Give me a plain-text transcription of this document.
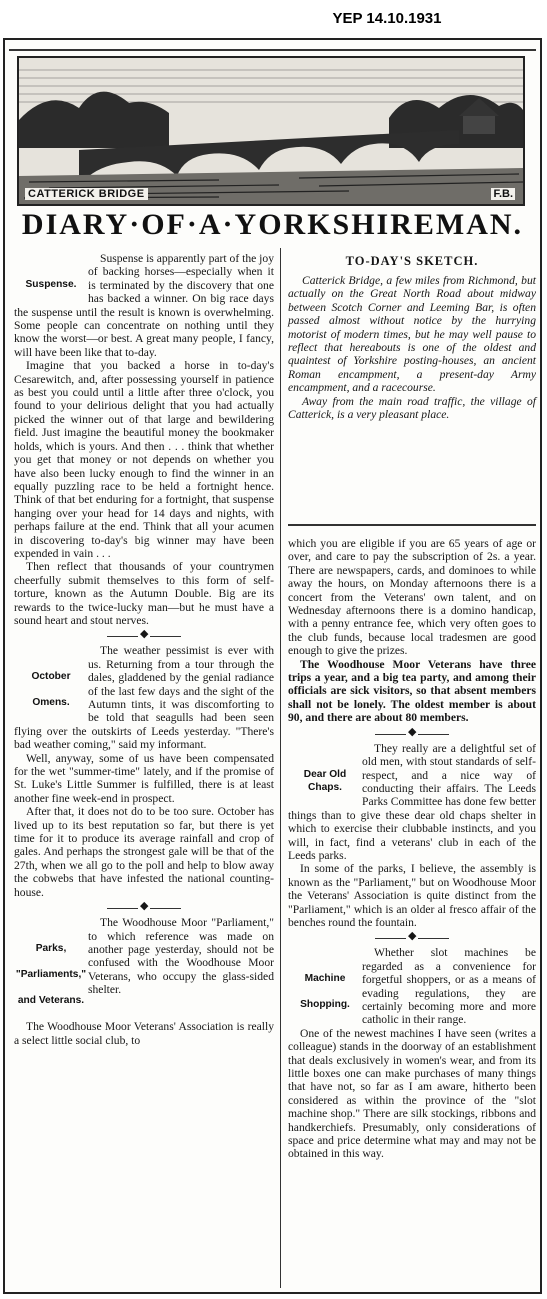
YEP 14.10.1931
CATTERICK BRIDGE	F.B.
DIARY·OF·A·YORKSHIREMAN.
Suspense.

Suspense is apparently part of the joy of backing horses—especially when it is terminated by the discovery that one has backed a winner. On big race days the suspense until the result is known is overwhelming. Some people can concentrate on nothing until they know the worst—or best. A great many people, I fancy, will have been like that to-day.

Imagine that you backed a horse in to-day's Cesarewitch, and, after possessing yourself in patience as best you could until a little after three o'clock, you found to your delirious delight that you had actually picked the winner out of that large and bewildering field. Just imagine the beautiful money the bookmaker holds, which is yours. And then . . . think that whether you get that money or not depends on whether you have also been lucky enough to find the winner in an equally puzzling race to be held a fortnight hence. Think of that bet enduring for a fortnight, that suspense hanging over your head for 14 days and nights, with perhaps failure at the end. Think that all your acumen in discovering to-day's big winner may have been expended in vain . . .

Then reflect that thousands of your countrymen cheerfully submit themselves to this form of self-torture, known as the Autumn Double. Big are its rewards to the twice-lucky man—but he must have a sound heart and stout nerves.

◆
October
Omens.

The weather pessimist is ever with us. Returning from a tour through the dales, gladdened by the genial radiance of the last few days and the sight of the Autumn tints, it was discomforting to be told that seagulls had been seen flying over the outskirts of Leeds yesterday. "There's bad weather coming," said my informant.

Well, anyway, some of us have been compensated for the wet "summer-time" lately, and if the promise of St. Luke's Little Summer is fulfilled, there is at least another fine week-end in prospect.

After that, it does not do to be too sure. October has lived up to its best reputation so far, but there is yet time for it to produce its average rainfall and crop of gales. And perhaps the strongest gale will be that of the 27th, when we all go to the poll and help to blow away the cobwebs that have infested the national counting-house.

◆
Parks,
"Parliaments,"
and Veterans.

The Woodhouse Moor "Parliament," to which reference was made on another page yesterday, should not be confused with the Woodhouse Moor Veterans, who occupy the glass-sided shelter.

The Woodhouse Moor Veterans' Association is really a select little social club, to

TO-DAY'S SKETCH.

Catterick Bridge, a few miles from Richmond, but actually on the Great North Road about midway between Scotch Corner and Leeming Bar, is often passed almost without notice by the hurrying motorist of modern times, but he may well pause to reflect that hereabouts is one of the oldest and quaintest of Yorkshire posting-houses, an ancient Roman encampment, a present-day Army encampment, and a racecourse.

Away from the main road traffic, the village of Catterick, is a very pleasant place.

which you are eligible if you are 65 years of age or over, and care to pay the subscription of 2s. a year. There are newspapers, cards, and dominoes to while away the hours, on Monday afternoons there is a concert from the Veterans' own talent, and on Wednesday afternoons there is a domino handicap, with a penny entrance fee, which very often goes to the club funds, because local tradesmen are good enough to give the prizes.

The Woodhouse Moor Veterans have three trips a year, and a big tea party, and among their officials are sick visitors, so that absent members shall not be lonely. The oldest member is about 90, and there are about 80 members.

◆
Dear Old Chaps.

They really are a delightful set of old men, with stout standards of self-respect, and a nice way of conducting their affairs. The Leeds Parks Committee has done few better things than to give these dear old chaps shelter in which to exercise their clubbable instincts, and you will, in fact, find a veterans' club in each of the Leeds parks.

In some of the parks, I believe, the assembly is known as the "Parliament," but on Woodhouse Moor the Veterans' Association is quite distinct from the "Parliament," which is an older al fresco affair of the benches round the fountain.

◆
Machine
Shopping.

Whether slot machines be regarded as a convenience for forgetful shoppers, or as a means of evading regulations, they are certainly becoming more and more catholic in their range.

One of the newest machines I have seen (writes a colleague) stands in the doorway of an establishment that deals exclusively in women's wear, and from its little boxes one can make purchases of many things that have not, so far as I am aware, hitherto been considered as within the province of the "slot machine shop." There are silk stockings, ribbons and handkerchiefs. Presumably, only considerations of space and price determine what may and may not be obtained in this way.
